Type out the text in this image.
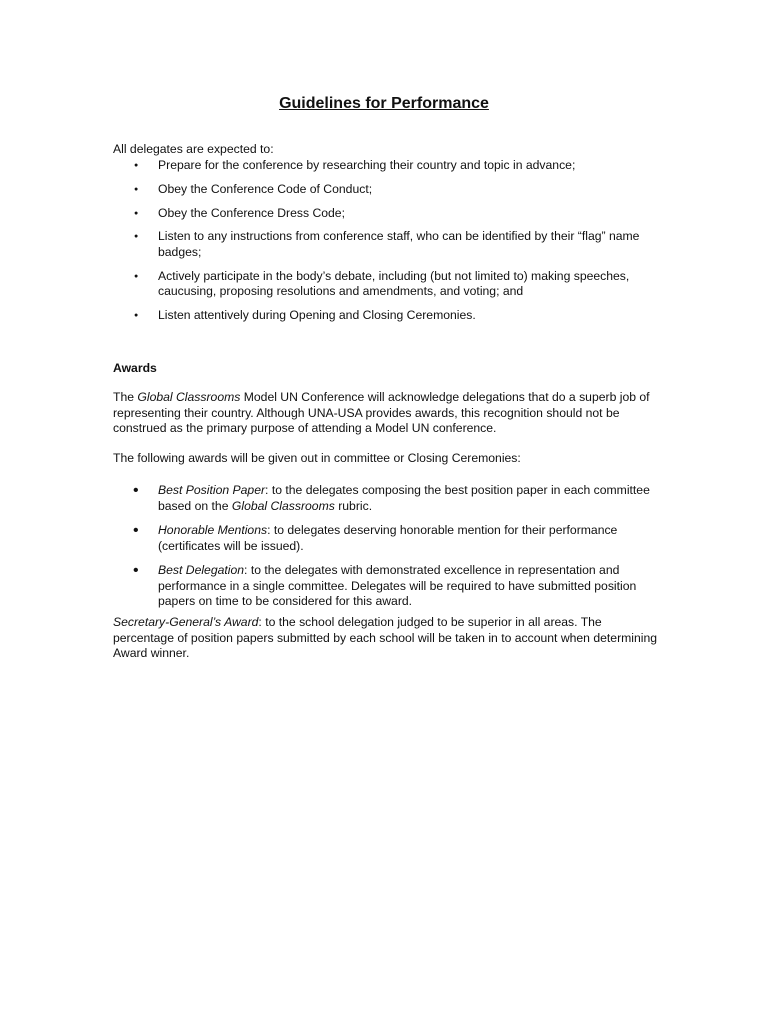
Guidelines for Performance
All delegates are expected to:
● Prepare for the conference by researching their country and topic in advance;
● Obey the Conference Code of Conduct;
● Obey the Conference Dress Code;
● Listen to any instructions from conference staff, who can be identified by their “flag” name badges;
● Actively participate in the body’s debate, including (but not limited to) making speeches, caucusing, proposing resolutions and amendments, and voting; and
● Listen attentively during Opening and Closing Ceremonies.
Awards

The Global Classrooms Model UN Conference will acknowledge delegations that do a superb job of representing their country. Although UNA-USA provides awards, this recognition should not be construed as the primary purpose of attending a Model UN conference.

The following awards will be given out in committee or Closing Ceremonies:

• Best Position Paper: to the delegates composing the best position paper in each committee based on the Global Classrooms rubric.
• Honorable Mentions: to delegates deserving honorable mention for their performance (certificates will be issued).
• Best Delegation: to the delegates with demonstrated excellence in representation and performance in a single committee. Delegates will be required to have submitted position papers on time to be considered for this award.

Secretary-General’s Award: to the school delegation judged to be superior in all areas. The percentage of position papers submitted by each school will be taken in to account when determining Award winner.
